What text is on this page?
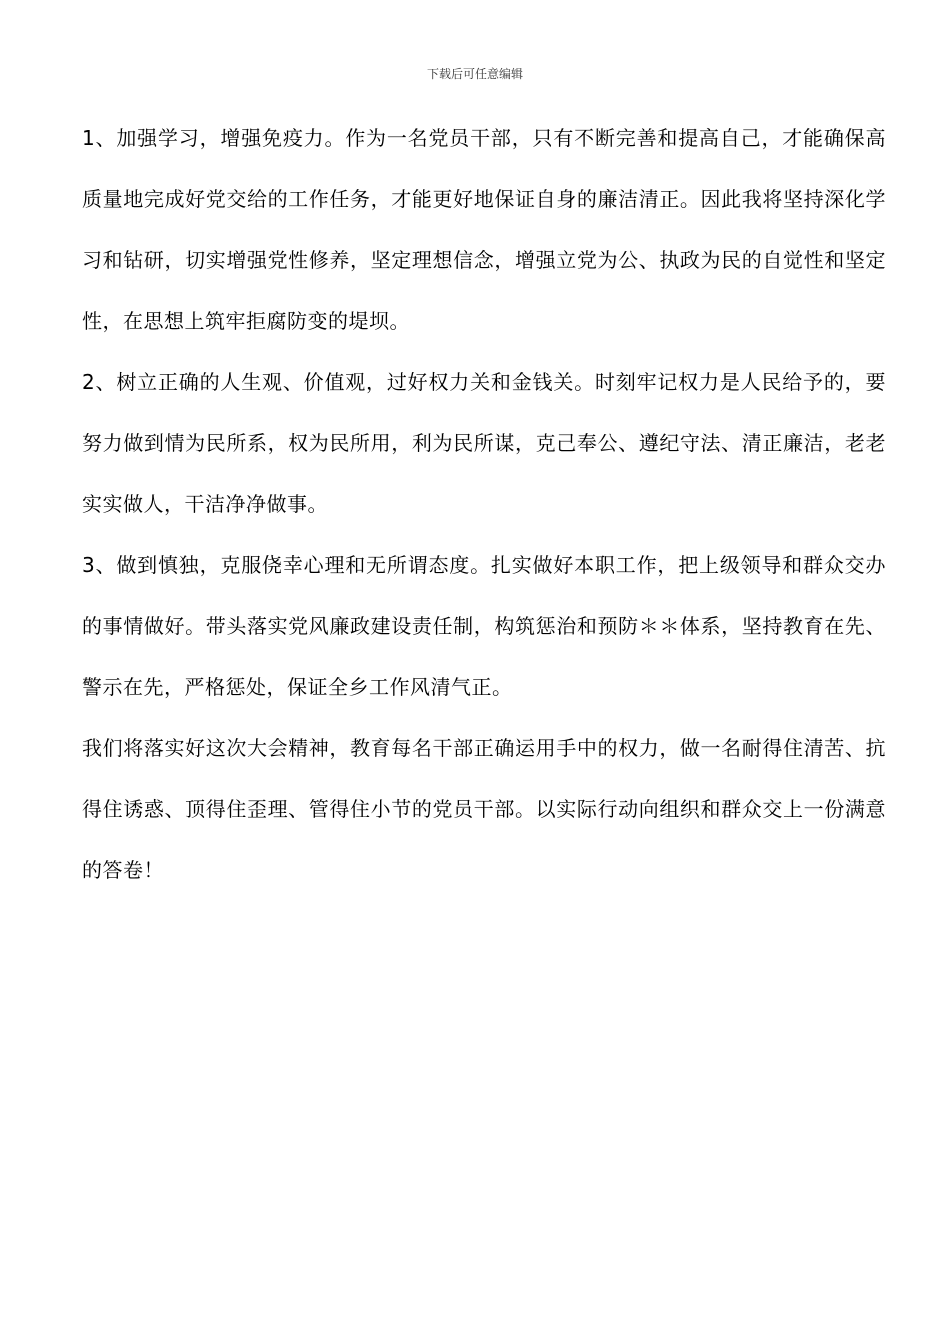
下载后可任意编辑

1、加强学习，增强免疫力。作为一名党员干部，只有不断完善和提高自己，才能确保高质量地完成好党交给的工作任务，才能更好地保证自身的廉洁清正。因此我将坚持深化学习和钻研，切实增强党性修养，坚定理想信念，增强立党为公、执政为民的自觉性和坚定性，在思想上筑牢拒腐防变的堤坝。

2、树立正确的人生观、价值观，过好权力关和金钱关。时刻牢记权力是人民给予的，要努力做到情为民所系，权为民所用，利为民所谋，克己奉公、遵纪守法、清正廉洁，老老实实做人，干洁净净做事。

3、做到慎独，克服侥幸心理和无所谓态度。扎实做好本职工作，把上级领导和群众交办的事情做好。带头落实党风廉政建设责任制，构筑惩治和预防＊＊体系，坚持教育在先、警示在先，严格惩处，保证全乡工作风清气正。

我们将落实好这次大会精神，教育每名干部正确运用手中的权力，做一名耐得住清苦、抗得住诱惑、顶得住歪理、管得住小节的党员干部。以实际行动向组织和群众交上一份满意的答卷！
